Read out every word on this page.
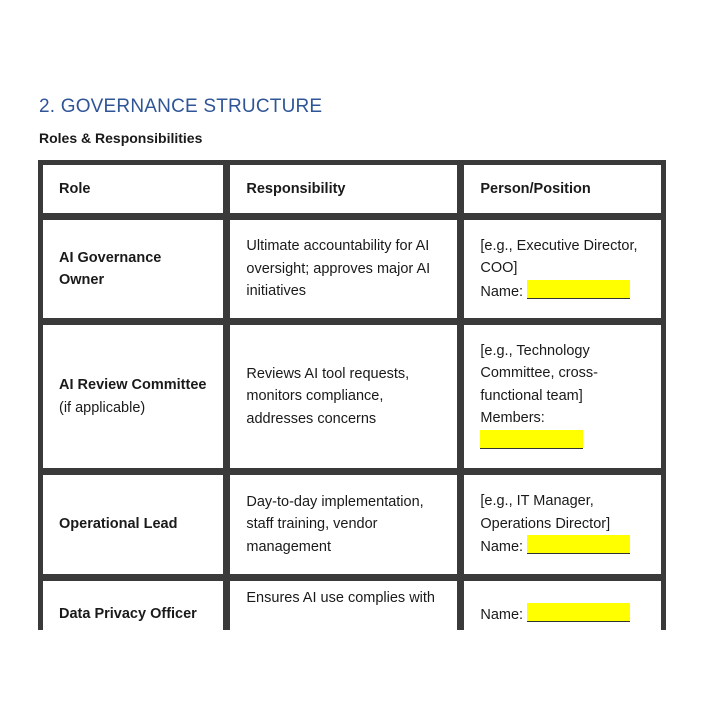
2. GOVERNANCE STRUCTURE
Roles & Responsibilities
Role	Responsibility	Person/Position
AI Governance Owner	Ultimate accountability for AI oversight; approves major AI initiatives	[e.g., Executive Director, COO]
Name:

AI Review Committee (if applicable)	Reviews AI tool requests, monitors compliance, addresses concerns	[e.g., Technology Committee, cross-functional team]
Members:

Operational Lead	Day-to-day implementation, staff training, vendor management	[e.g., IT Manager, Operations Director]
Name:

Data Privacy Officer	Ensures AI use complies with	Name:
